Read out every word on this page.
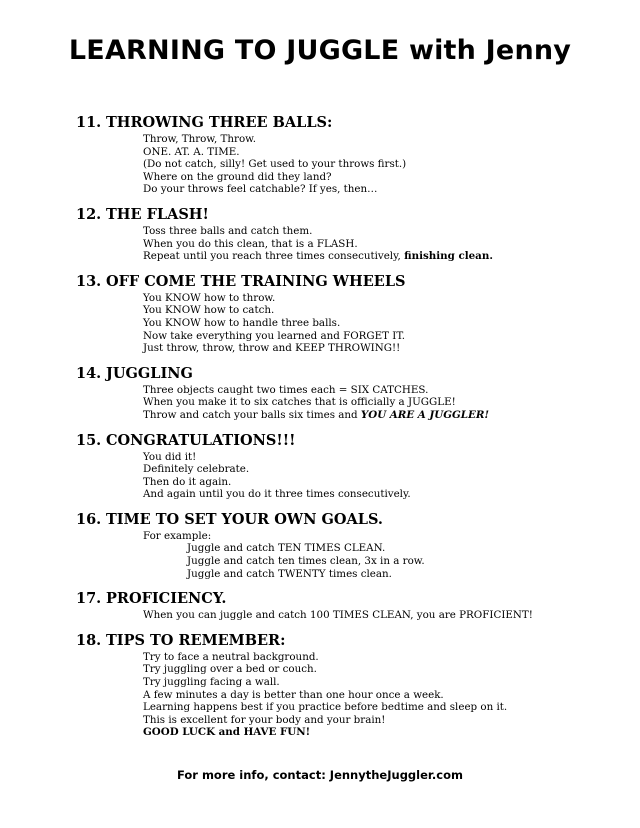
LEARNING TO JUGGLE with Jenny
11. THROWING THREE BALLS:
Throw, Throw, Throw.
ONE. AT. A. TIME.
(Do not catch, silly! Get used to your throws first.)
Where on the ground did they land?
Do your throws feel catchable? If yes, then…
12. THE FLASH!
Toss three balls and catch them.
When you do this clean, that is a FLASH.
Repeat until you reach three times consecutively, finishing clean.
13. OFF COME THE TRAINING WHEELS
You KNOW how to throw.
You KNOW how to catch.
You KNOW how to handle three balls.
Now take everything you learned and FORGET IT.
Just throw, throw, throw and KEEP THROWING!!
14. JUGGLING
Three objects caught two times each = SIX CATCHES.
When you make it to six catches that is officially a JUGGLE!
Throw and catch your balls six times and YOU ARE A JUGGLER!
15. CONGRATULATIONS!!!
You did it!
Definitely celebrate.
Then do it again.
And again until you do it three times consecutively.
16. TIME TO SET YOUR OWN GOALS.
For example:
Juggle and catch TEN TIMES CLEAN.
Juggle and catch ten times clean, 3x in a row.
Juggle and catch TWENTY times clean.
17. PROFICIENCY.
When you can juggle and catch 100 TIMES CLEAN, you are PROFICIENT!
18. TIPS TO REMEMBER:
Try to face a neutral background.
Try juggling over a bed or couch.
Try juggling facing a wall.
A few minutes a day is better than one hour once a week.
Learning happens best if you practice before bedtime and sleep on it.
This is excellent for your body and your brain!
GOOD LUCK and HAVE FUN!
For more info, contact: JennytheJuggler.com
